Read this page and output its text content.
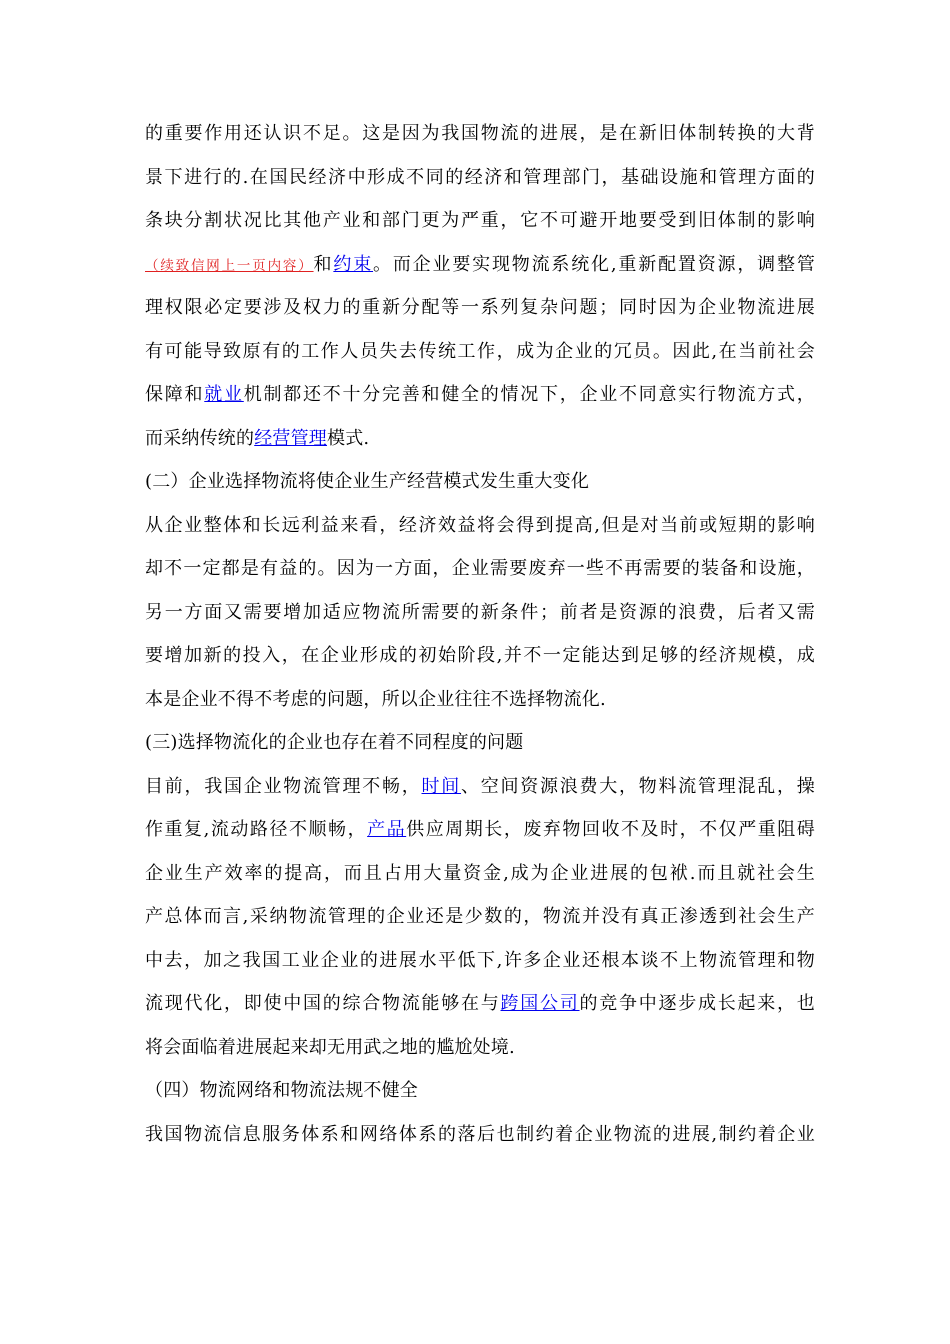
的重要作用还认识不足。这是因为我国物流的进展，是在新旧体制转换的大背
景下进行的.在国民经济中形成不同的经济和管理部门，基础设施和管理方面的
条块分割状况比其他产业和部门更为严重，它不可避开地要受到旧体制的影响
（续致信网上一页内容）和约束。而企业要实现物流系统化,重新配置资源，调整管
理权限必定要涉及权力的重新分配等一系列复杂问题；同时因为企业物流进展
有可能导致原有的工作人员失去传统工作，成为企业的冗员。因此,在当前社会
保障和就业机制都还不十分完善和健全的情况下，企业不同意实行物流方式，
而采纳传统的经营管理模式.
(二）企业选择物流将使企业生产经营模式发生重大变化
从企业整体和长远利益来看，经济效益将会得到提高,但是对当前或短期的影响
却不一定都是有益的。因为一方面，企业需要废弃一些不再需要的装备和设施，
另一方面又需要增加适应物流所需要的新条件；前者是资源的浪费，后者又需
要增加新的投入，在企业形成的初始阶段,并不一定能达到足够的经济规模，成
本是企业不得不考虑的问题，所以企业往往不选择物流化.
(三)选择物流化的企业也存在着不同程度的问题
目前，我国企业物流管理不畅，时间、空间资源浪费大，物料流管理混乱，操
作重复,流动路径不顺畅，产品供应周期长，废弃物回收不及时，不仅严重阻碍
企业生产效率的提高，而且占用大量资金,成为企业进展的包袱.而且就社会生
产总体而言,采纳物流管理的企业还是少数的，物流并没有真正渗透到社会生产
中去，加之我国工业企业的进展水平低下,许多企业还根本谈不上物流管理和物
流现代化，即使中国的综合物流能够在与跨国公司的竞争中逐步成长起来，也
将会面临着进展起来却无用武之地的尴尬处境.
（四）物流网络和物流法规不健全
我国物流信息服务体系和网络体系的落后也制约着企业物流的进展,制约着企业
